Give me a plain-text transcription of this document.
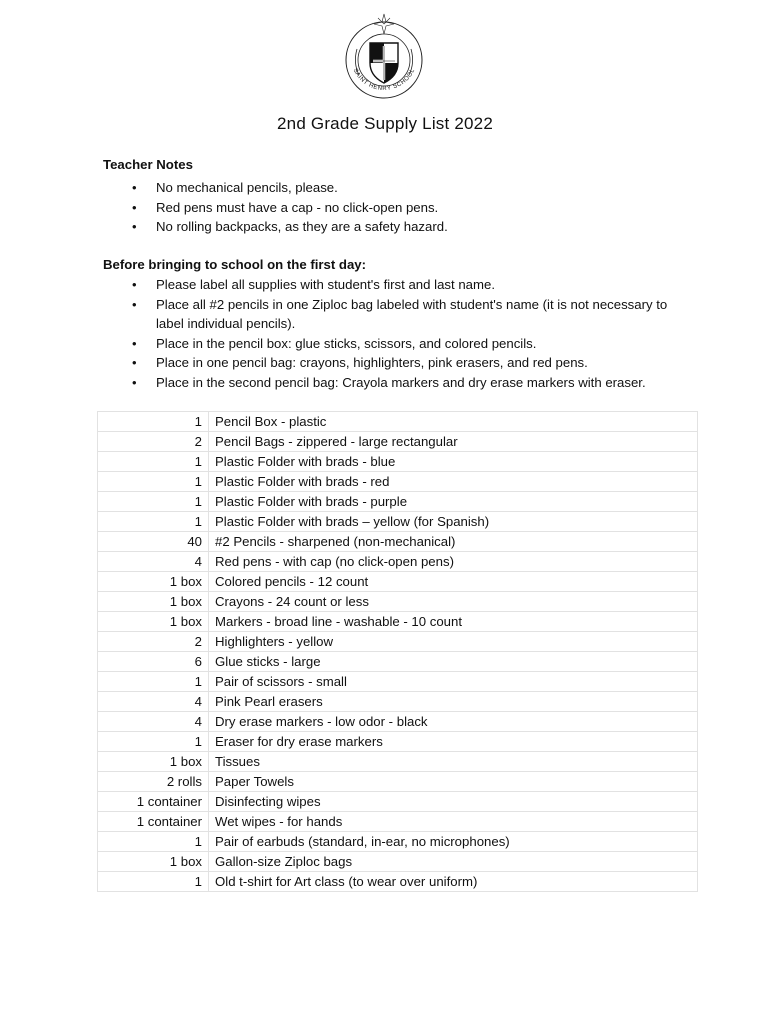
SAINT HENRY SCHOOL
2nd Grade Supply List 2022
Teacher Notes
• No mechanical pencils, please.
• Red pens must have a cap - no click-open pens.
• No rolling backpacks, as they are a safety hazard.
Before bringing to school on the first day:
• Please label all supplies with student's first and last name.
• Place all #2 pencils in one Ziploc bag labeled with student's name (it is not necessary to label individual pencils).
• Place in the pencil box: glue sticks, scissors, and colored pencils.
• Place in one pencil bag: crayons, highlighters, pink erasers, and red pens.
• Place in the second pencil bag: Crayola markers and dry erase markers with eraser.
1	Pencil Box - plastic
2	Pencil Bags - zippered - large rectangular
1	Plastic Folder with brads - blue
1	Plastic Folder with brads - red
1	Plastic Folder with brads - purple
1	Plastic Folder with brads – yellow (for Spanish)
40	#2 Pencils - sharpened (non-mechanical)
4	Red pens - with cap (no click-open pens)
1 box	Colored pencils - 12 count
1 box	Crayons - 24 count or less
1 box	Markers - broad line - washable - 10 count
2	Highlighters - yellow
6	Glue sticks - large
1	Pair of scissors - small
4	Pink Pearl erasers
4	Dry erase markers - low odor - black
1	Eraser for dry erase markers
1 box	Tissues
2 rolls	Paper Towels
1 container	Disinfecting wipes
1 container	Wet wipes - for hands
1	Pair of earbuds (standard, in-ear, no microphones)
1 box	Gallon-size Ziploc bags
1	Old t-shirt for Art class (to wear over uniform)
